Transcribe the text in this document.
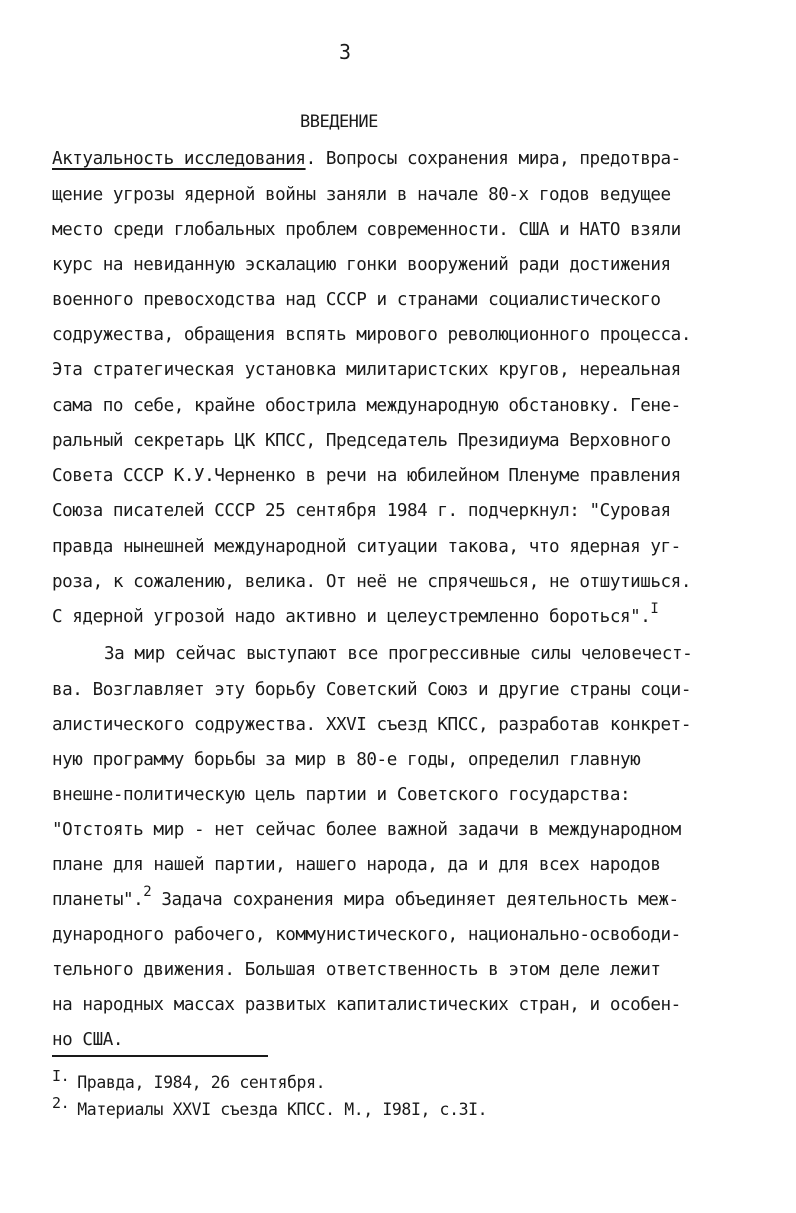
3
ВВЕДЕНИЕ
Актуальность исследования. Вопросы сохранения мира, предотвра-
щение угрозы ядерной войны заняли в начале 80-х годов ведущее
место среди глобальных проблем современности. США и НАТО взяли
курс на невиданную эскалацию гонки вооружений ради достижения
военного превосходства над СССР и странами социалистического
содружества, обращения вспять мирового революционного процесса.
Эта стратегическая установка милитаристских кругов, нереальная
сама по себе, крайне обострила международную обстановку. Гене-
ральный секретарь ЦК КПСС, Председатель Президиума Верховного
Совета СССР К.У.Черненко в речи на юбилейном Пленуме правления
Союза писателей СССР 25 сентября 1984 г. подчеркнул: "Суровая
правда нынешней международной ситуации такова, что ядерная уг-
роза, к сожалению, велика. От неё не спрячешься, не отшутишься.
С ядерной угрозой надо активно и целеустремленно бороться".$^I$
За мир сейчас выступают все прогрессивные силы человечест-
ва. Возглавляет эту борьбу Советский Союз и другие страны соци-
алистического содружества. XXVI съезд КПСС, разработав конкрет-
ную программу борьбы за мир в 80-е годы, определил главную
внешне-политическую цель партии и Советского государства:
"Отстоять мир - нет сейчас более важной задачи в международном
плане для нашей партии, нашего народа, да и для всех народов
планеты".$^2$ Задача сохранения мира объединяет деятельность меж-
дународного рабочего, коммунистического, национально-освободи-
тельного движения. Большая ответственность в этом деле лежит
на народных массах развитых капиталистических стран, и особен-
но США.
I. Правда, I984, 26 сентября.
2. Материалы XXVI съезда КПСС. М., I98I, с.3I.
